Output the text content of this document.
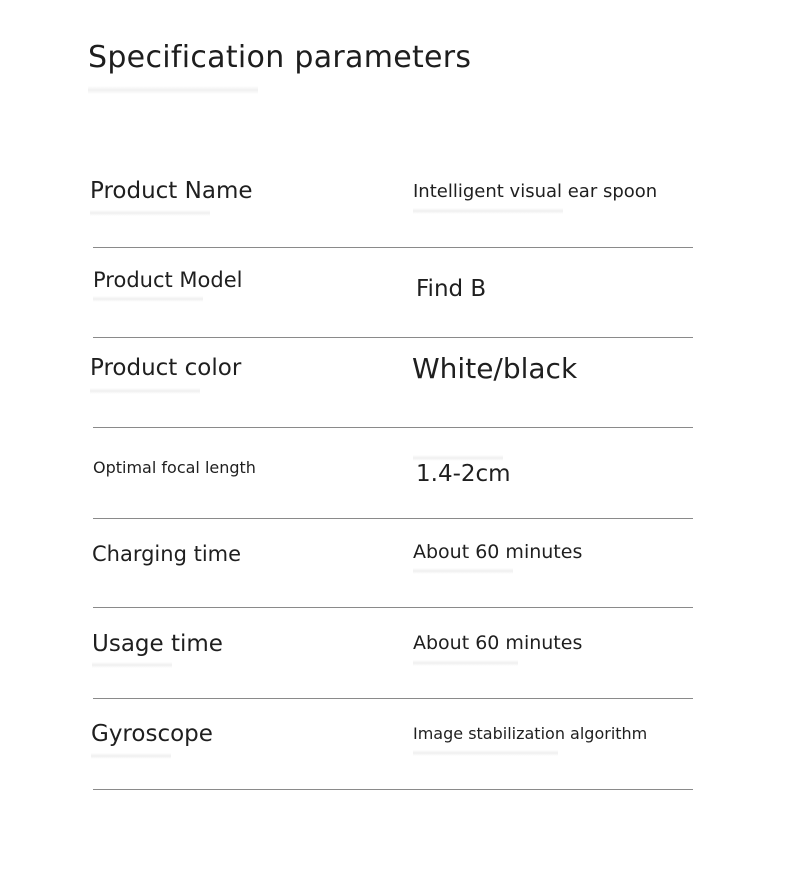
Specification parameters
Product Name	Intelligent visual ear spoon
Product Model	Find B
Product color	White/black
Optimal focal length	1.4-2cm
Charging time	About 60 minutes
Usage time	About 60 minutes
Gyroscope	Image stabilization algorithm
